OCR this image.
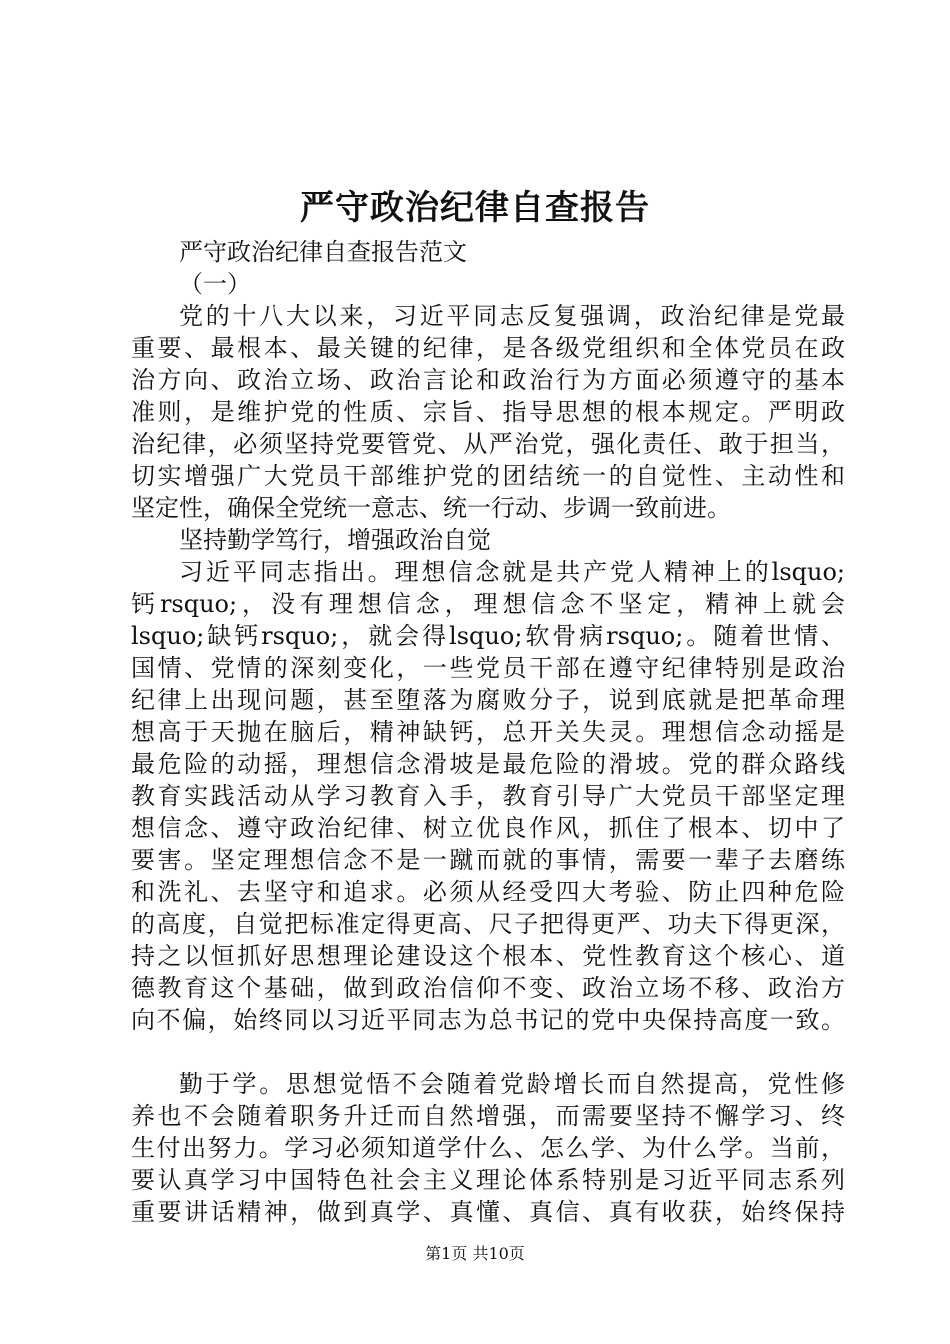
严守政治纪律自查报告
严守政治纪律自查报告范文
（一）
党的十八大以来，习近平同志反复强调，政治纪律是党最
重要、最根本、最关键的纪律，是各级党组织和全体党员在政
治方向、政治立场、政治言论和政治行为方面必须遵守的基本
准则，是维护党的性质、宗旨、指导思想的根本规定。严明政
治纪律，必须坚持党要管党、从严治党，强化责任、敢于担当，
切实增强广大党员干部维护党的团结统一的自觉性、主动性和
坚定性，确保全党统一意志、统一行动、步调一致前进。
坚持勤学笃行，增强政治自觉
习近平同志指出。理想信念就是共产党人精神上的lsquo;
钙rsquo;，没有理想信念，理想信念不坚定，精神上就会
lsquo;缺钙rsquo;，就会得lsquo;软骨病rsquo;。随着世情、
国情、党情的深刻变化，一些党员干部在遵守纪律特别是政治
纪律上出现问题，甚至堕落为腐败分子，说到底就是把革命理
想高于天抛在脑后，精神缺钙，总开关失灵。理想信念动摇是
最危险的动摇，理想信念滑坡是最危险的滑坡。党的群众路线
教育实践活动从学习教育入手，教育引导广大党员干部坚定理
想信念、遵守政治纪律、树立优良作风，抓住了根本、切中了
要害。坚定理想信念不是一蹴而就的事情，需要一辈子去磨练
和洗礼、去坚守和追求。必须从经受四大考验、防止四种危险
的高度，自觉把标准定得更高、尺子把得更严、功夫下得更深，
持之以恒抓好思想理论建设这个根本、党性教育这个核心、道
德教育这个基础，做到政治信仰不变、政治立场不移、政治方
向不偏，始终同以习近平同志为总书记的党中央保持高度一致。
勤于学。思想觉悟不会随着党龄增长而自然提高，党性修
养也不会随着职务升迁而自然增强，而需要坚持不懈学习、终
生付出努力。学习必须知道学什么、怎么学、为什么学。当前，
要认真学习中国特色社会主义理论体系特别是习近平同志系列
重要讲话精神，做到真学、真懂、真信、真有收获，始终保持
第1页 共10页
